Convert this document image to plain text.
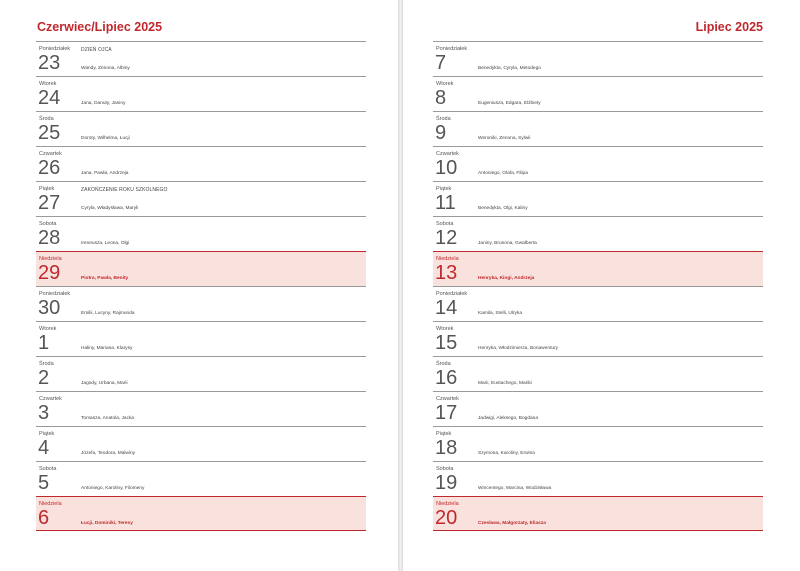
Czerwiec/Lipiec 2025
Poniedziałek
23
DZIEŃ OJCA
Wandy, Zenona, Albiny
Wtorek
24	Jana, Danuty, Janiny
Środa
25	Doroty, Wilhelma, Łucji
Czwartek
26	Jana, Pawła, Andrzeja
Piątek
27
ZAKOŃCZENIE ROKU SZKOLNEGO
Cyryla, Władysława, Maryli
Sobota
28	Ireneusza, Leona, Olgi
Niedziela
29	Piotra, Pawła, Benity
Poniedziałek
30	Emilii, Lucyny, Rajmunda
Wtorek
1	Haliny, Mariana, Klarysy
Środa
2	Jagody, Urbana, Marii
Czwartek
3	Tomasza, Anatola, Jacka
Piątek
4	Józefa, Teodora, Malwiny
Sobota
5	Antoniego, Karoliny, Filomeny
Niedziela
6	Łucji, Dominiki, Teresy
Lipiec 2025
Poniedziałek
7	Benedykta, Cyryla, Metodego
Wtorek
8	Eugeniusza, Edgara, Elżbiety
Środa
9	Weroniki, Zenona, Sylwii
Czwartek
10	Antoniego, Olafa, Filipa
Piątek
11	Benedykta, Olgi, Kaliny
Sobota
12	Janiny, Brunona, Gwalberta
Niedziela
13	Henryka, Kingi, Andrzeja
Poniedziałek
14	Kamila, Stelli, Ulryka
Wtorek
15	Henryka, Włodzimierza, Bonawentury
Środa
16	Marii, Eustachego, Mariki
Czwartek
17	Jadwigi, Aleksego, Bogdana
Piątek
18	Szymona, Karoliny, Erwina
Sobota
19	Wincentego, Marcina, Wodzisława
Niedziela
20	Czesława, Małgorzaty, Eliasza
